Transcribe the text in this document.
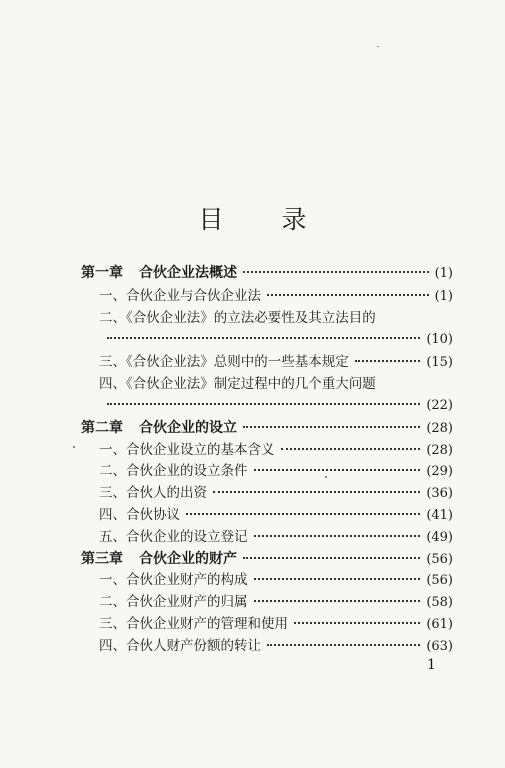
目 录
第一章 合伙企业法概述	(1)
一、合伙企业与合伙企业法	(1)
二、《合伙企业法》的立法必要性及其立法目的
(10)
三、《合伙企业法》总则中的一些基本规定	(15)
四、《合伙企业法》制定过程中的几个重大问题
(22)
第二章 合伙企业的设立	(28)
一、合伙企业设立的基本含义	(28)
二、合伙企业的设立条件	(29)
三、合伙人的出资	(36)
四、合伙协议	(41)
五、合伙企业的设立登记	(49)
第三章 合伙企业的财产	(56)
一、合伙企业财产的构成	(56)
二、合伙企业财产的归属	(58)
三、合伙企业财产的管理和使用	(61)
四、合伙人财产份额的转让	(63)
1
